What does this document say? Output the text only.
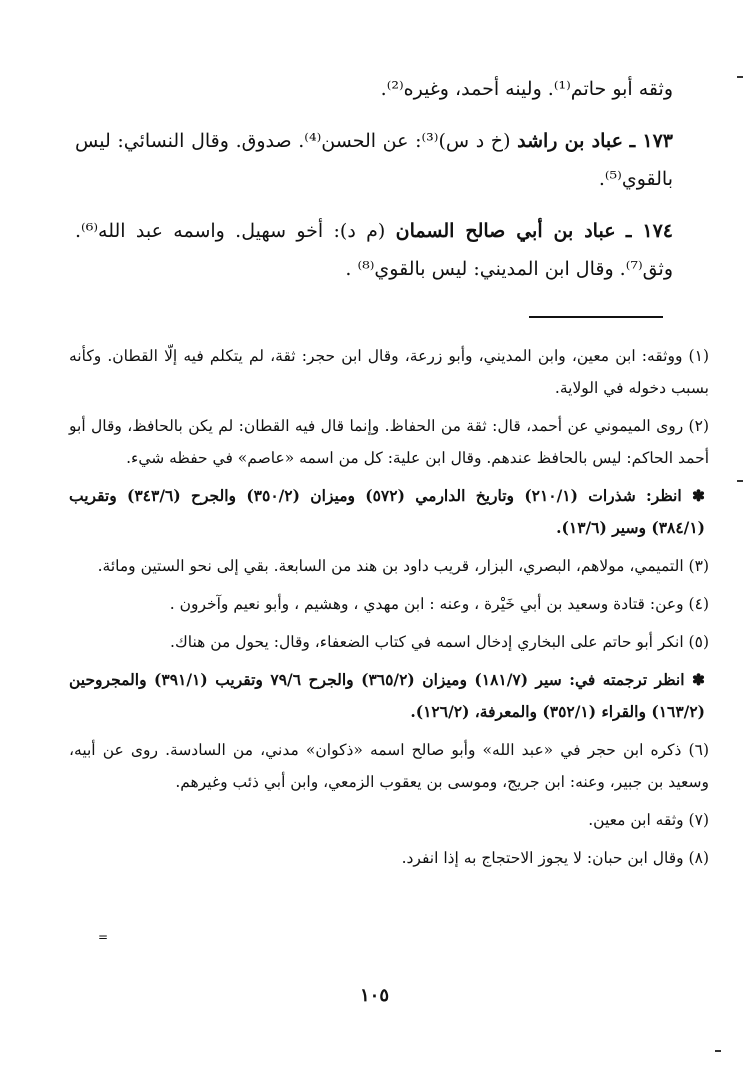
وثقه أبو حاتم⁽¹⁾. ولينه أحمد، وغيره⁽²⁾.

١٧٣ ـ عباد بن راشد (خ د س)⁽³⁾: عن الحسن⁽⁴⁾. صدوق. وقال النسائي: ليس بالقوي⁽⁵⁾.

١٧٤ ـ عباد بن أبي صالح السمان (م د): أخو سهيل. واسمه عبد الله⁽⁶⁾. وثق⁽⁷⁾. وقال ابن المديني: ليس بالقوي⁽⁸⁾ .

(١) ووثقه: ابن معين، وابن المديني، وأبو زرعة، وقال ابن حجر: ثقة، لم يتكلم فيه إلّا القطان. وكأنه بسبب دخوله في الولاية.

(٢) روى الميموني عن أحمد، قال: ثقة من الحفاظ. وإنما قال فيه القطان: لم يكن بالحافظ، وقال أبو أحمد الحاكم: ليس بالحافظ عندهم. وقال ابن علية: كل من اسمه «عاصم» في حفظه شيء.

✽ انظر: شذرات (٢١٠/١) وتاريخ الدارمي (٥٧٢) وميزان (٣٥٠/٢) والجرح (٣٤٣/٦) وتقريب (٣٨٤/١) وسير (١٣/٦).

(٣) التميمي، مولاهم، البصري، البزار، قريب داود بن هند من السابعة. بقي إلى نحو الستين ومائة.

(٤) وعن: قتادة وسعيد بن أبي خَيْرة ، وعنه : ابن مهدي ، وهشيم ، وأبو نعيم وآخرون .

(٥) انكر أبو حاتم على البخاري إدخال اسمه في كتاب الضعفاء، وقال: يحول من هناك.

✽ انظر ترجمته في: سير (١٨١/٧) وميزان (٣٦٥/٢) والجرح ٧٩/٦ وتقريب (٣٩١/١) والمجروحين (١٦٣/٢) والقراء (٣٥٢/١) والمعرفة، (١٢٦/٢).

(٦) ذكره ابن حجر في «عبد الله» وأبو صالح اسمه «ذكوان» مدني، من السادسة. روى عن أبيه، وسعيد بن جبير، وعنه: ابن جريج، وموسى بن يعقوب الزمعي، وابن أبي ذئب وغيرهم.

(٧) وثقه ابن معين.

(٨) وقال ابن حبان: لا يجوز الاحتجاج به إذا انفرد.

١٠٥
=
